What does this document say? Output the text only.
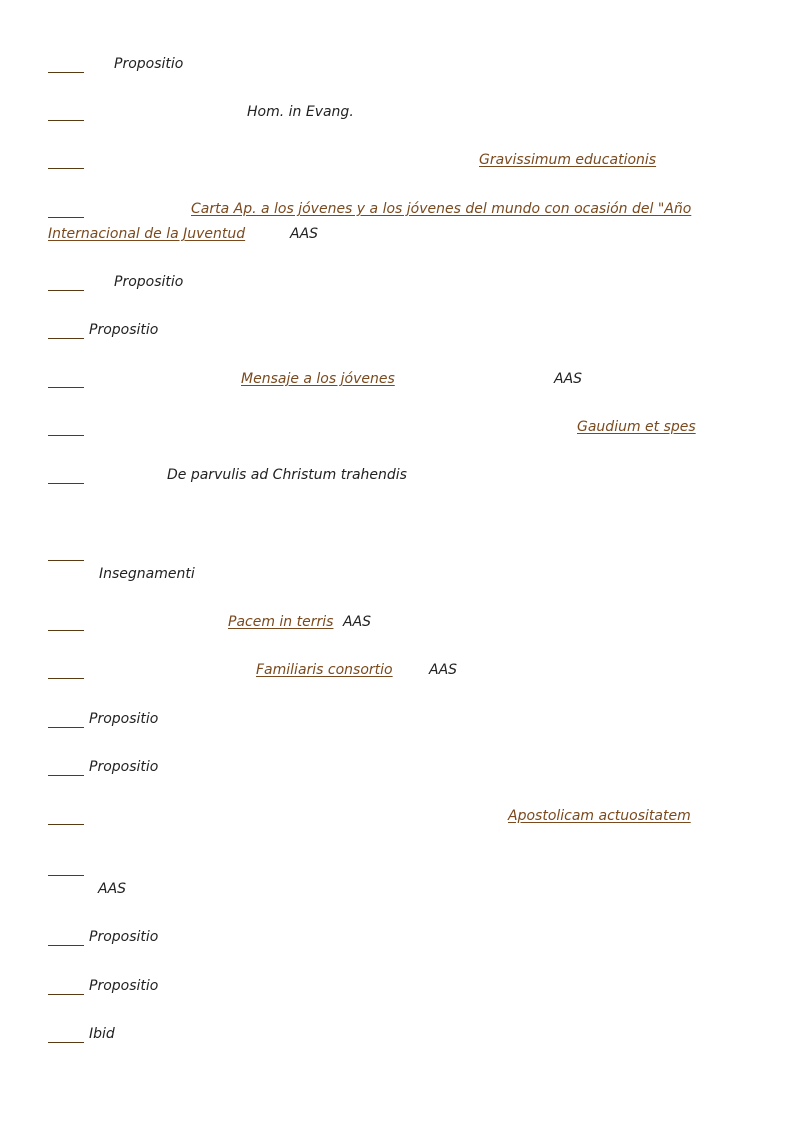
Propositio
Hom. in Evang.
Gravissimum educationis
Carta Ap. a los jóvenes y a los jóvenes del mundo con ocasión del "Año
Internacional de la Juventud	AAS
Propositio
Propositio
Mensaje a los jóvenes	AAS
Gaudium et spes
De parvulis ad Christum trahendis
Insegnamenti
Pacem in terris AAS
Familiaris consortio	AAS
Propositio
Propositio
Apostolicam actuositatem
AAS
Propositio
Propositio
Ibid
